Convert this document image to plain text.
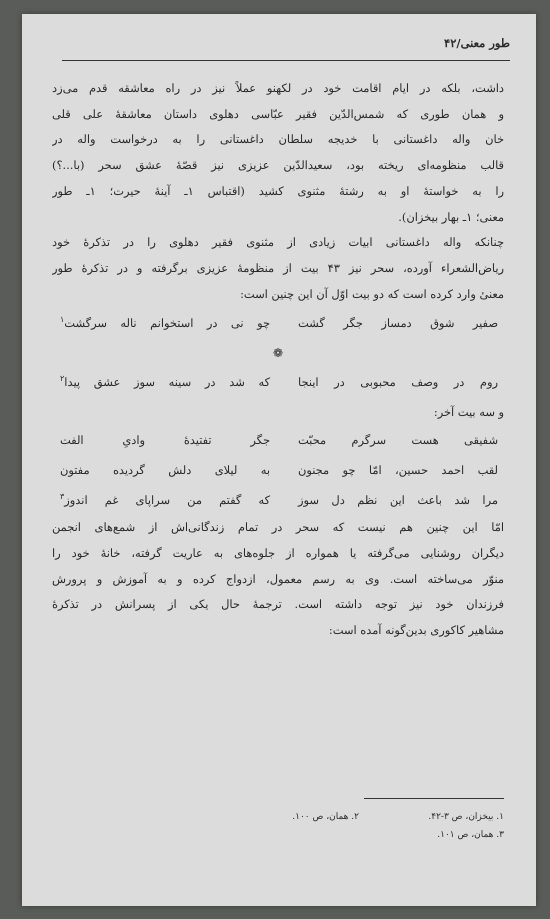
طور معنی/۴۲

داشت، بلکه در ایام اقامت خود در لکهنو عملاً نیز در راه معاشقه قدم می‌زد
و همان طوری که شمس‌الدّین فقیر عبّاسی دهلوی داستان معاشقهٔ علی قلی
خان واله داغستانی با خدیجه سلطان داغستانی را به درخواست واله در
قالب منظومه‌ای ریخته بود، سعیدالدّین عزیزی نیز قصّهٔ عشق سحر (با...؟)
را به خواستهٔ او به رشتهٔ مثنوی کشید (اقتباس ۱ـ آینهٔ حیرت؛ ۱ـ طور
معنی؛ ۱ـ بهار بیخزان).

چنانکه واله داغستانی ابیات زیادی از مثنوی فقیر دهلوی را در تذکرهٔ خود
ریاض‌الشعراء آورده، سحر نیز ۴۳ بیت از منظومهٔ عزیزی برگرفته و در تذکرهٔ طور
معنیٔ وارد کرده است که دو بیت اوّل آن این چنین است:

صفیر شوق دمساز جگر گشت
چو نی در استخوانم ناله سرگشت$^۱$
❁
روم در وصف محبوبی در اینجا
که شد در سینه سوز عشق پیدا$^۲$
و سه بیت آخر:
شفیقی هست سرگرم محبّت
جگر تفتیدهٔ وادیِ الفت
لقب احمد حسین، امّا چو مجنون
به لیلای دلش گردیده مفتون
مرا شد باعث این نظم دل سوز
که گفتم من سراپای غم اندوز$^۳$

امّا این چنین هم نیست که سحر در تمام زندگانی‌اش از شمع‌های انجمن
دیگران روشنایی می‌گرفته یا همواره از جلوه‌های به عاریت گرفته، خانهٔ خود را
منوّر می‌ساخته است. وی به رسم معمول، ازدواج کرده و به آموزش و پرورش
فرزندان خود نیز توجه داشته است. ترجمهٔ حال یکی از پسرانش در تذکرهٔ
مشاهیر کاکوری بدین‌گونه آمده است:

۱. بیخزان، ص ۳-۴۲.
۲. همان، ص ۱۰۰.
۳. همان، ص ۱۰۱.
